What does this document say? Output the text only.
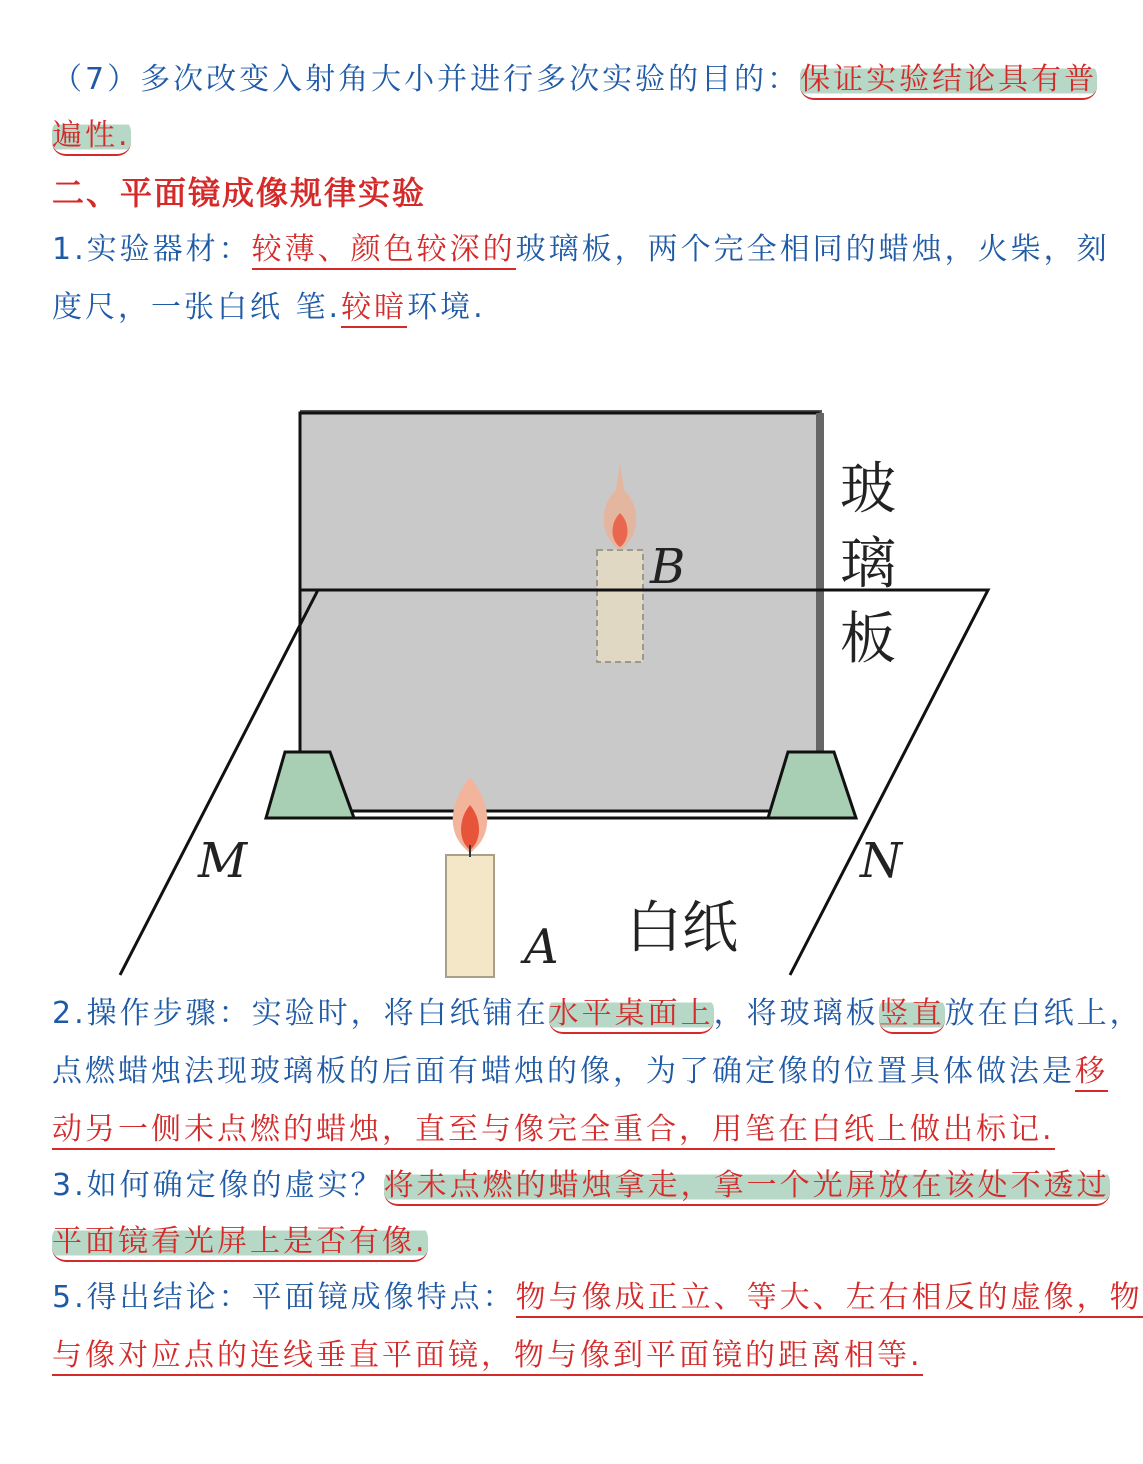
（7）多次改变入射角大小并进行多次实验的目的：保证实验结论具有普
遍性.
二、平面镜成像规律实验
1.实验器材：较薄、颜色较深的玻璃板，两个完全相同的蜡烛，火柴，刻
度尺，一张白纸 笔.较暗环境.
玻
璃
板
B
M	N
A 白纸
2.操作步骤：实验时，将白纸铺在水平桌面上，将玻璃板竖直放在白纸上，
点燃蜡烛法现玻璃板的后面有蜡烛的像，为了确定像的位置具体做法是移
动另一侧未点燃的蜡烛，直至与像完全重合，用笔在白纸上做出标记.
3.如何确定像的虚实？将未点燃的蜡烛拿走，拿一个光屏放在该处不透过
平面镜看光屏上是否有像.
5.得出结论：平面镜成像特点：物与像成正立、等大、左右相反的虚像，物
与像对应点的连线垂直平面镜，物与像到平面镜的距离相等.
